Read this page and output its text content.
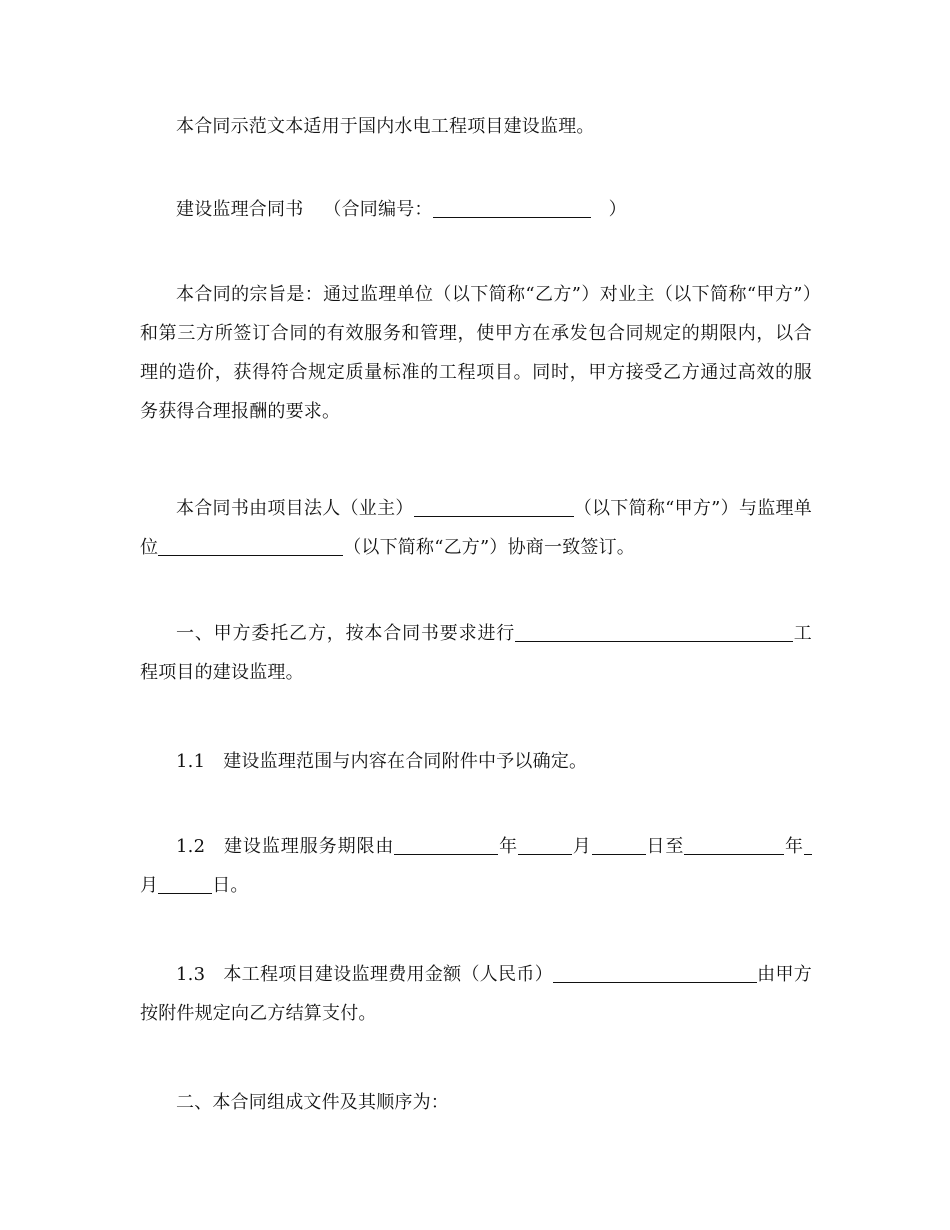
本合同示范文本适用于国内水电工程项目建设监理。

建设监理合同书 （合同编号：	）

本合同的宗旨是：通过监理单位（以下简称“乙方”）对业主（以下简称“甲方”）和第三方所签订合同的有效服务和管理，使甲方在承发包合同规定的期限内，以合理的造价，获得符合规定质量标准的工程项目。同时，甲方接受乙方通过高效的服务获得合理报酬的要求。

本合同书由项目法人（业主）	（以下简称“甲方”）与监理单位	（以下简称“乙方”）协商一致签订。

一、甲方委托乙方，按本合同书要求进行	工程项目的建设监理。

1.1 建设监理范围与内容在合同附件中予以确定。

1.2 建设监理服务期限由	年	月	日至	年 月	日。

1.3 本工程项目建设监理费用金额（人民币）	由甲方按附件规定向乙方结算支付。

二、本合同组成文件及其顺序为：
